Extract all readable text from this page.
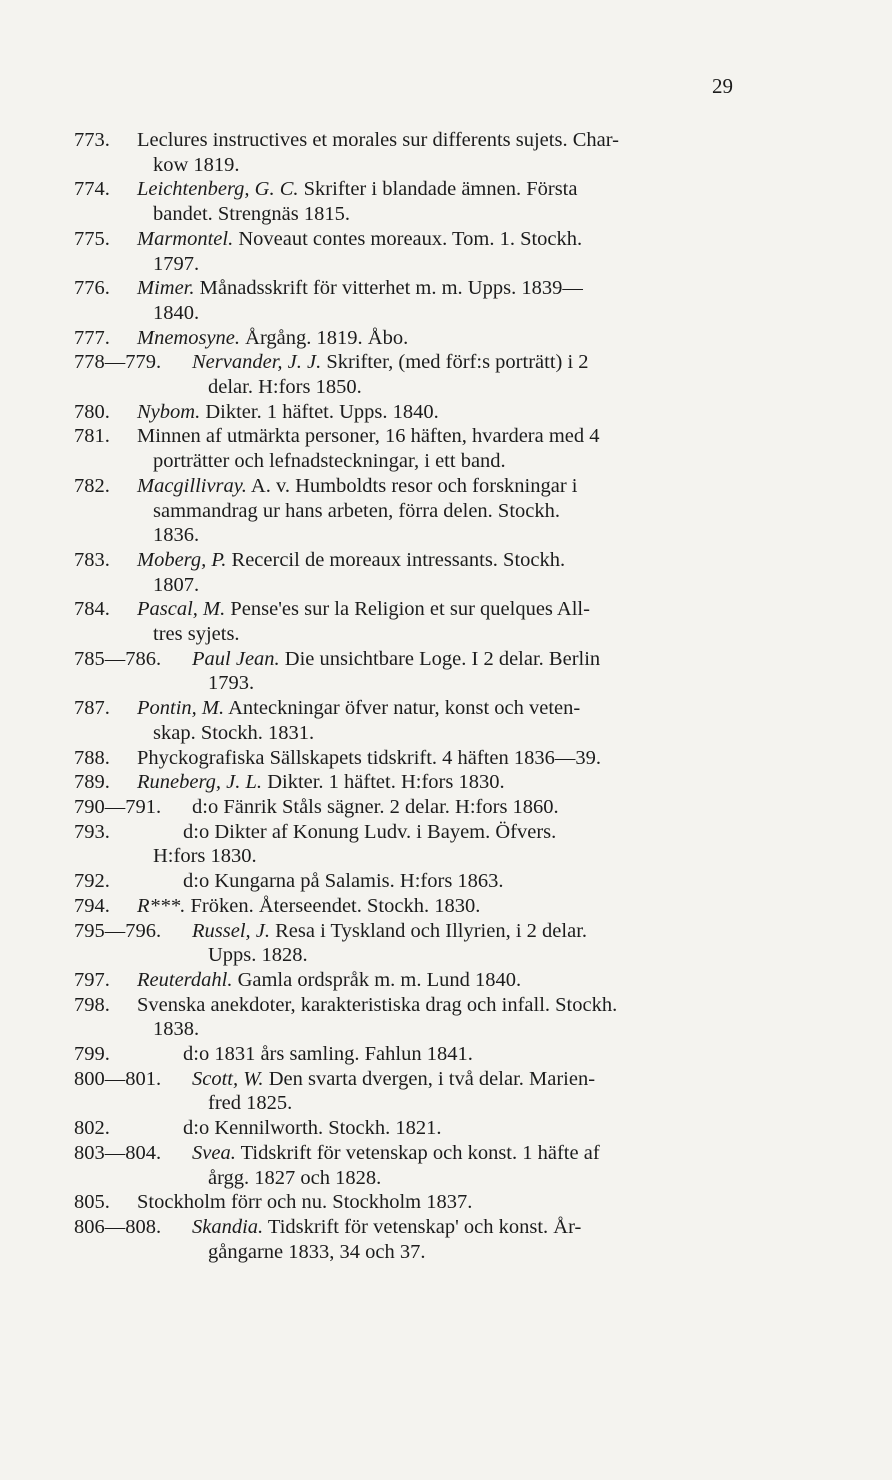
29
773. Leclures instructives et morales sur differents sujets. Char-
kow 1819.
774. Leichtenberg, G. C. Skrifter i blandade ämnen. Första
bandet. Strengnäs 1815.
775. Marmontel. Noveaut contes moreaux. Tom. 1. Stockh.
1797.
776. Mimer. Månadsskrift för vitterhet m. m. Upps. 1839—
1840.
777. Mnemosyne. Årgång. 1819. Åbo.
778—779. Nervander, J. J. Skrifter, (med förf:s porträtt) i 2
delar. H:fors 1850.
780. Nybom. Dikter. 1 häftet. Upps. 1840.
781. Minnen af utmärkta personer, 16 häften, hvardera med 4
porträtter och lefnadsteckningar, i ett band.
782. Macgillivray. A. v. Humboldts resor och forskningar i
sammandrag ur hans arbeten, förra delen. Stockh.
1836.
783. Moberg, P. Recercil de moreaux intressants. Stockh.
1807.
784. Pascal, M. Pense'es sur la Religion et sur quelques All-
tres syjets.
785—786. Paul Jean. Die unsichtbare Loge. I 2 delar. Berlin
1793.
787. Pontin, M. Anteckningar öfver natur, konst och veten-
skap. Stockh. 1831.
788. Phyckografiska Sällskapets tidskrift. 4 häften 1836—39.
789. Runeberg, J. L. Dikter. 1 häftet. H:fors 1830.
790—791. d:o Fänrik Ståls sägner. 2 delar. H:fors 1860.
793.	d:o Dikter af Konung Ludv. i Bayem. Öfvers.
H:fors 1830.
792.	d:o Kungarna på Salamis. H:fors 1863.
794. R***. Fröken. Återseendet. Stockh. 1830.
795—796. Russel, J. Resa i Tyskland och Illyrien, i 2 delar.
Upps. 1828.
797. Reuterdahl. Gamla ordspråk m. m. Lund 1840.
798. Svenska anekdoter, karakteristiska drag och infall. Stockh.
1838.
799.	d:o 1831 års samling. Fahlun 1841.
800—801. Scott, W. Den svarta dvergen, i två delar. Marien-
fred 1825.
802.	d:o Kennilworth. Stockh. 1821.
803—804. Svea. Tidskrift för vetenskap och konst. 1 häfte af
årgg. 1827 och 1828.
805. Stockholm förr och nu. Stockholm 1837.
806—808. Skandia. Tidskrift för vetenskap' och konst. År-
gångarne 1833, 34 och 37.
